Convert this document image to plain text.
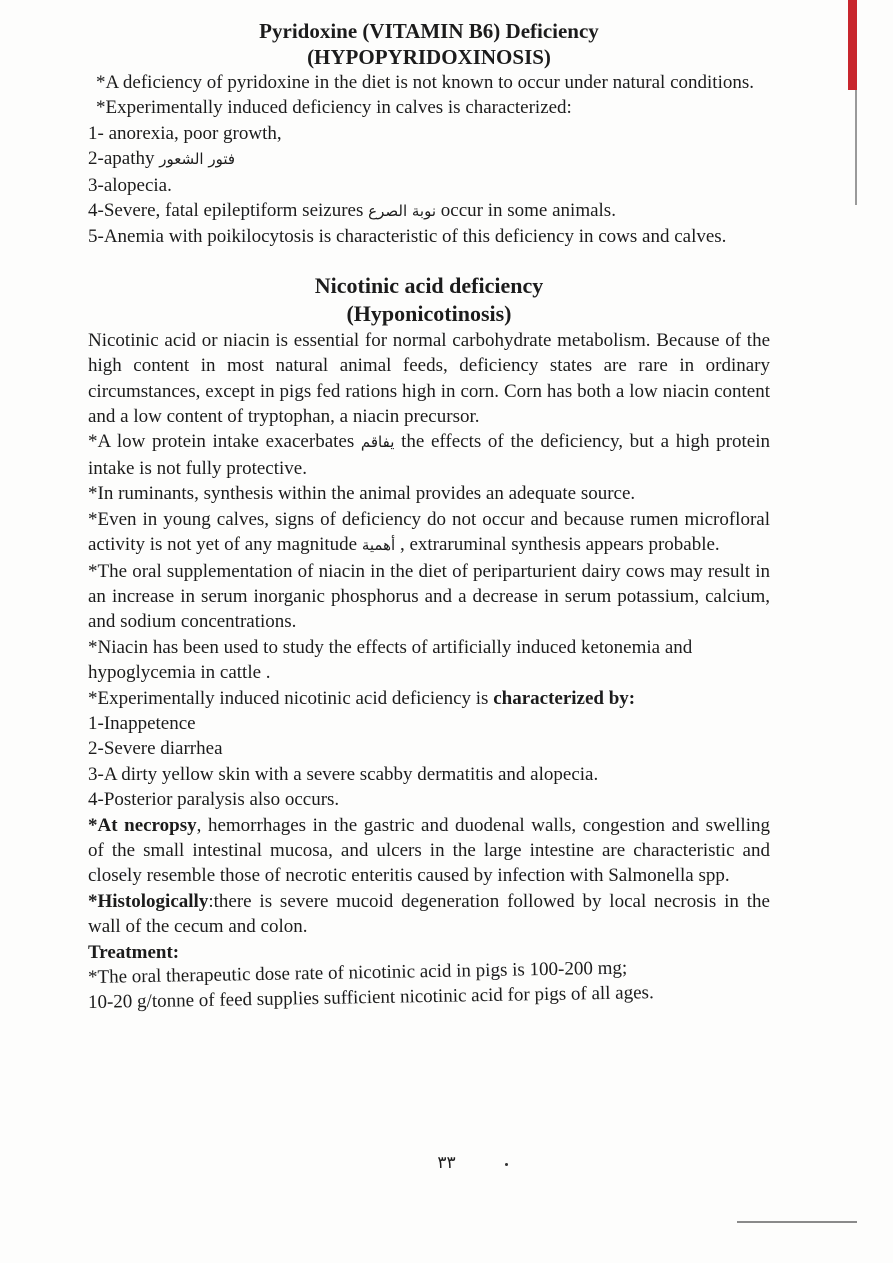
Pyridoxine (VITAMIN B6) Deficiency
(HYPOPYRIDOXINOSIS)

*A deficiency of pyridoxine in the diet is not known to occur under natural conditions.

*Experimentally induced deficiency in calves is characterized:

1- anorexia, poor growth,

2-apathy فتور الشعور

3-alopecia.

4-Severe, fatal epileptiform seizures نوبة الصرع occur in some animals.

5-Anemia with poikilocytosis is characteristic of this deficiency in cows and calves.

Nicotinic acid deficiency
(Hyponicotinosis)

Nicotinic acid or niacin is essential for normal carbohydrate metabolism. Because of the high content in most natural animal feeds, deficiency states are rare in ordinary circumstances, except in pigs fed rations high in corn. Corn has both a low niacin content and a low content of tryptophan, a niacin precursor.

*A low protein intake exacerbates يفاقم the effects of the deficiency, but a high protein intake is not fully protective.

*In ruminants, synthesis within the animal provides an adequate source.

*Even in young calves, signs of deficiency do not occur and because rumen microfloral activity is not yet of any magnitude أهمية , extraruminal synthesis appears probable.

*The oral supplementation of niacin in the diet of periparturient dairy cows may result in an increase in serum inorganic phosphorus and a decrease in serum potassium, calcium, and sodium concentrations.

*Niacin has been used to study the effects of artificially induced ketonemia and hypoglycemia in cattle .

*Experimentally induced nicotinic acid deficiency is characterized by:

1-Inappetence

2-Severe diarrhea

3-A dirty yellow skin with a severe scabby dermatitis and alopecia.

4-Posterior paralysis also occurs.

*At necropsy, hemorrhages in the gastric and duodenal walls, congestion and swelling of the small intestinal mucosa, and ulcers in the large intestine are characteristic and closely resemble those of necrotic enteritis caused by infection with Salmonella spp.

*Histologically:there is severe mucoid degeneration followed by local necrosis in the wall of the cecum and colon.

Treatment:

*The oral therapeutic dose rate of nicotinic acid in pigs is 100-200 mg;

10-20 g/tonne of feed supplies sufficient nicotinic acid for pigs of all ages.

٣٣
